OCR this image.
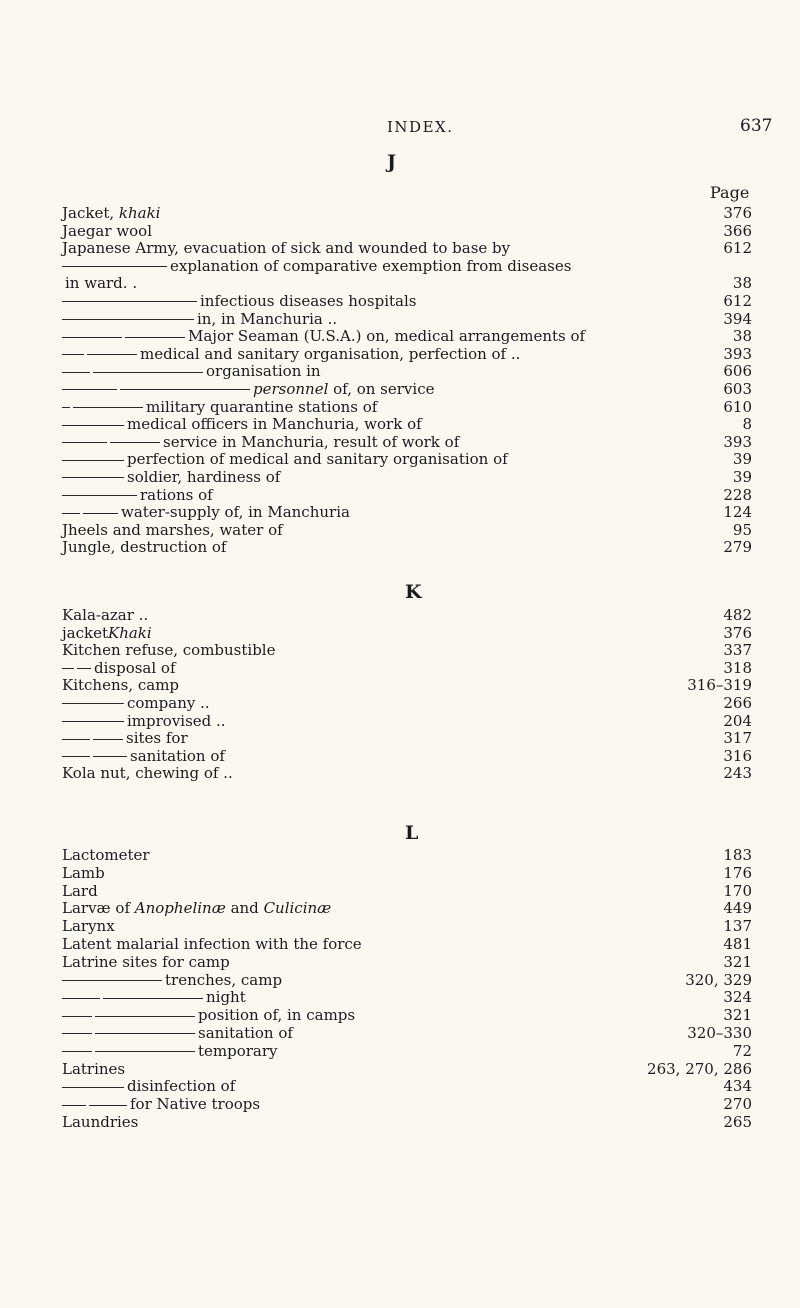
INDEX.	637
J
Page
Jacket, khaki	376
Jaegar wool	366
Japanese Army, evacuation of sick and wounded to base by	612
explanation of comparative exemption from diseases
in ward. .	38
infectious diseases hospitals	612
in, in Manchuria ..	394
Major Seaman (U.S.A.) on, medical arrangements of	38
medical and sanitary organisation, perfection of ..	393
organisation in	606
personnel of, on service	603
military quarantine stations of	610
medical officers in Manchuria, work of	8
service in Manchuria, result of work of	393
perfection of medical and sanitary organisation of	39
soldier, hardiness of	39
rations of	228
water-supply of, in Manchuria	124
Jheels and marshes, water of	95
Jungle, destruction of	279
K
Kala-azar ..	482
jacketKhaki	376
Kitchen refuse, combustible	337
disposal of	318
Kitchens, camp	316–319
company ..	266
improvised ..	204
sites for	317
sanitation of	316
Kola nut, chewing of ..	243
L
Lactometer	183
Lamb	176
Lard	170
Larvæ of Anophelinæ and Culicinæ	449
Larynx	137
Latent malarial infection with the force	481
Latrine sites for camp	321
trenches, camp	320, 329
night	324
position of, in camps	321
sanitation of	320–330
temporary	72
Latrines	263, 270, 286
disinfection of	434
for Native troops	270
Laundries	265
